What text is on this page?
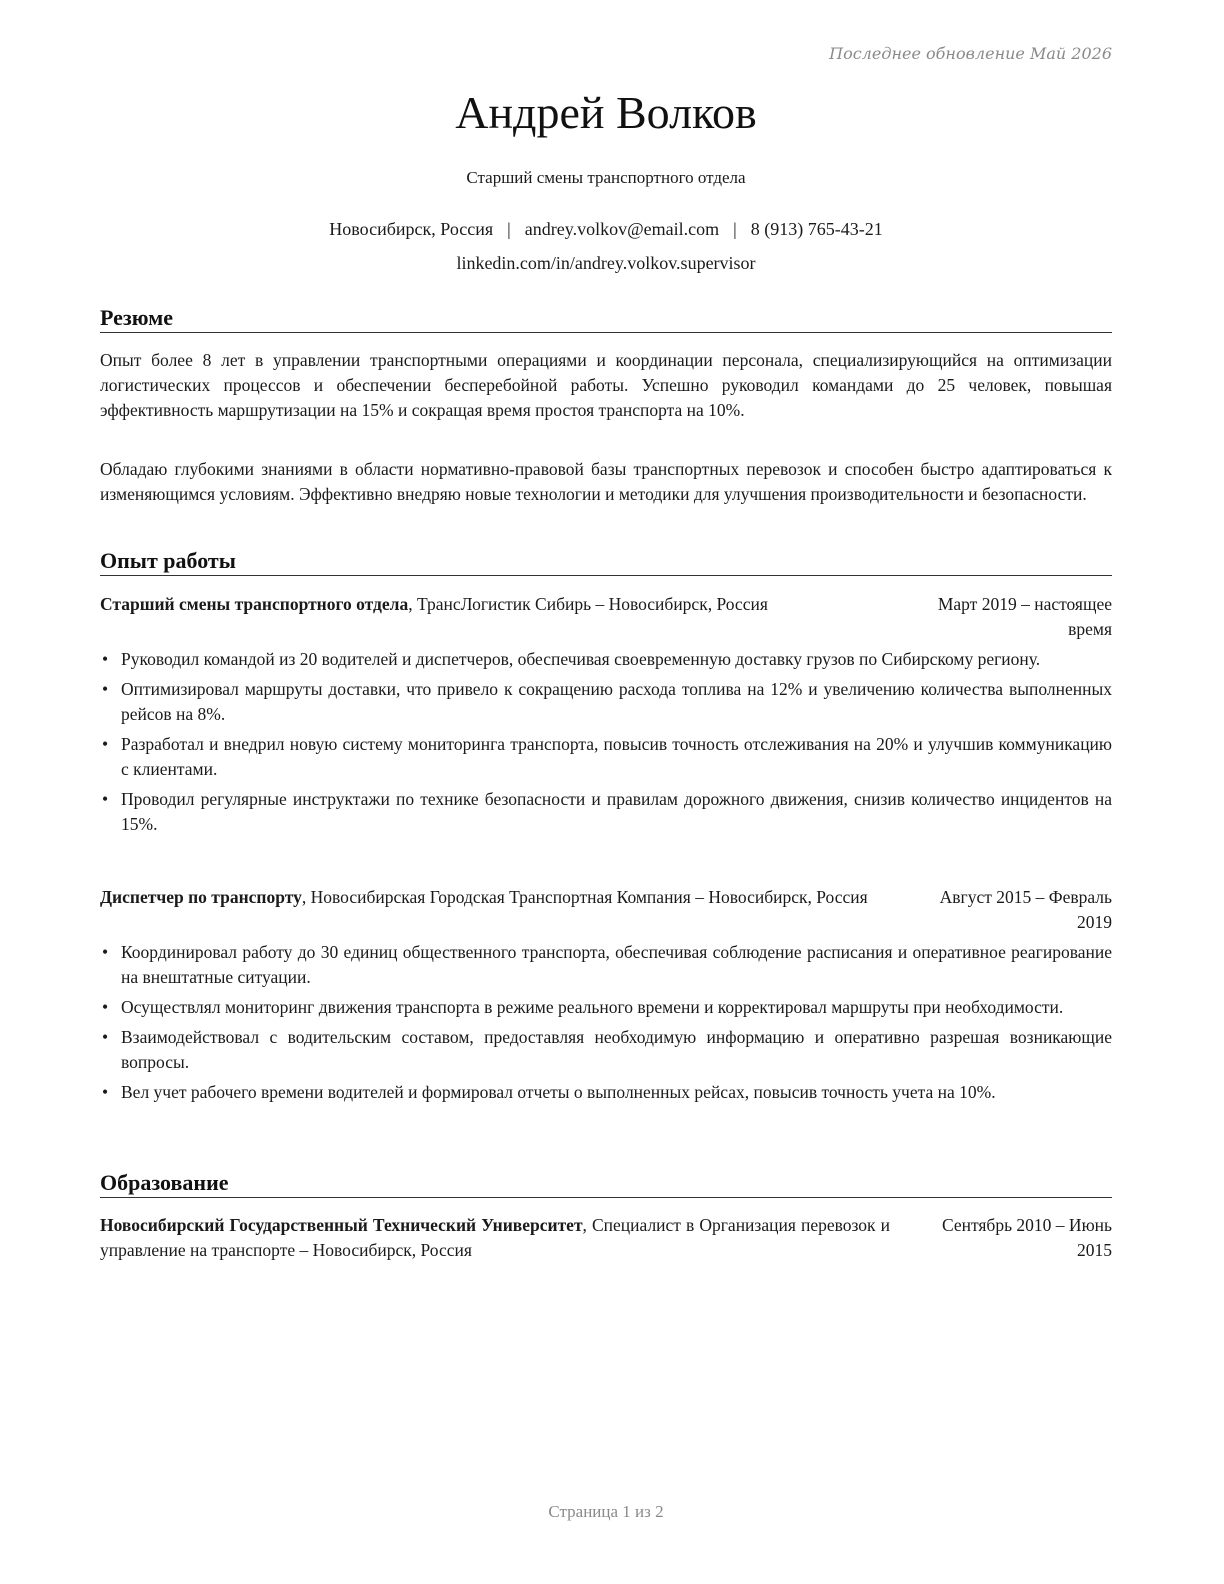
Последнее обновление Май 2026
Андрей Волков
Старший смены транспортного отдела
Новосибирск, Россия | andrey.volkov@email.com | 8 (913) 765-43-21
linkedin.com/in/andrey.volkov.supervisor
Резюме
Опыт более 8 лет в управлении транспортными операциями и координации персонала, специализирующийся на оптимизации логистических процессов и обеспечении бесперебойной работы. Успешно руководил командами до 25 человек, повышая эффективность маршрутизации на 15% и сокращая время простоя транспорта на 10%.
Обладаю глубокими знаниями в области нормативно-правовой базы транспортных перевозок и способен быстро адаптироваться к изменяющимся условиям. Эффективно внедряю новые технологии и методики для улучшения производительности и безопасности.
Опыт работы
Старший смены транспортного отдела, ТрансЛогистик Сибирь – Новосибирск, Россия	Март 2019 – настоящее время
• Руководил командой из 20 водителей и диспетчеров, обеспечивая своевременную доставку грузов по Сибирскому региону.
• Оптимизировал маршруты доставки, что привело к сокращению расхода топлива на 12% и увеличению количества выполненных рейсов на 8%.
• Разработал и внедрил новую систему мониторинга транспорта, повысив точность отслеживания на 20% и улучшив коммуникацию с клиентами.
• Проводил регулярные инструктажи по технике безопасности и правилам дорожного движения, снизив количество инцидентов на 15%.
Диспетчер по транспорту, Новосибирская Городская Транспортная Компания – Новосибирск, Россия	Август 2015 – Февраль 2019
• Координировал работу до 30 единиц общественного транспорта, обеспечивая соблюдение расписания и оперативное реагирование на внештатные ситуации.
• Осуществлял мониторинг движения транспорта в режиме реального времени и корректировал маршруты при необходимости.
• Взаимодействовал с водительским составом, предоставляя необходимую информацию и оперативно разрешая возникающие вопросы.
• Вел учет рабочего времени водителей и формировал отчеты о выполненных рейсах, повысив точность учета на 10%.
Образование
Новосибирский Государственный Технический Университет, Специалист в Организация перевозок и управление на транспорте – Новосибирск, Россия
Сентябрь 2010 – Июнь 2015
Страница 1 из 2
